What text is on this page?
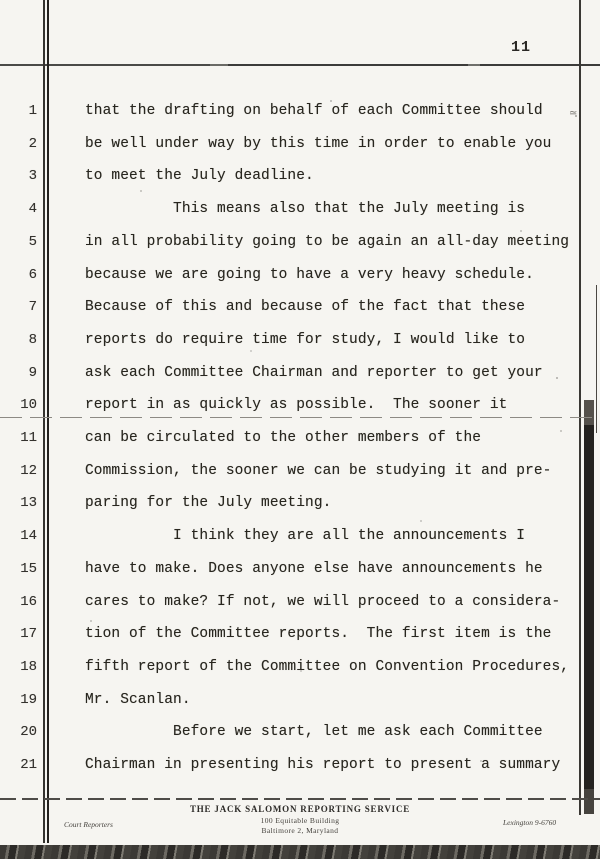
≃
11
1	that the drafting on behalf of each Committee should
2	be well under way by this time in order to enable you
3	to meet the July deadline.
4	This means also that the July meeting is
5	in all probability going to be again an all-day meeting
6	because we are going to have a very heavy schedule.
7	Because of this and because of the fact that these
8	reports do require time for study, I would like to
9	ask each Committee Chairman and reporter to get your
10	report in as quickly as possible.  The sooner it
11	can be circulated to the other members of the
12	Commission, the sooner we can be studying it and pre-
13	paring for the July meeting.
14	I think they are all the announcements I
15	have to make. Does anyone else have announcements he
16	cares to make? If not, we will proceed to a considera-
17	tion of the Committee reports.  The first item is the
18	fifth report of the Committee on Convention Procedures,
19	Mr. Scanlan.
20	Before we start, let me ask each Committee
21	Chairman in presenting his report to present a summary
THE JACK SALOMON REPORTING SERVICE
100 Equitable Building
Baltimore 2, Maryland
Court Reporters	Lexington 9-6760
